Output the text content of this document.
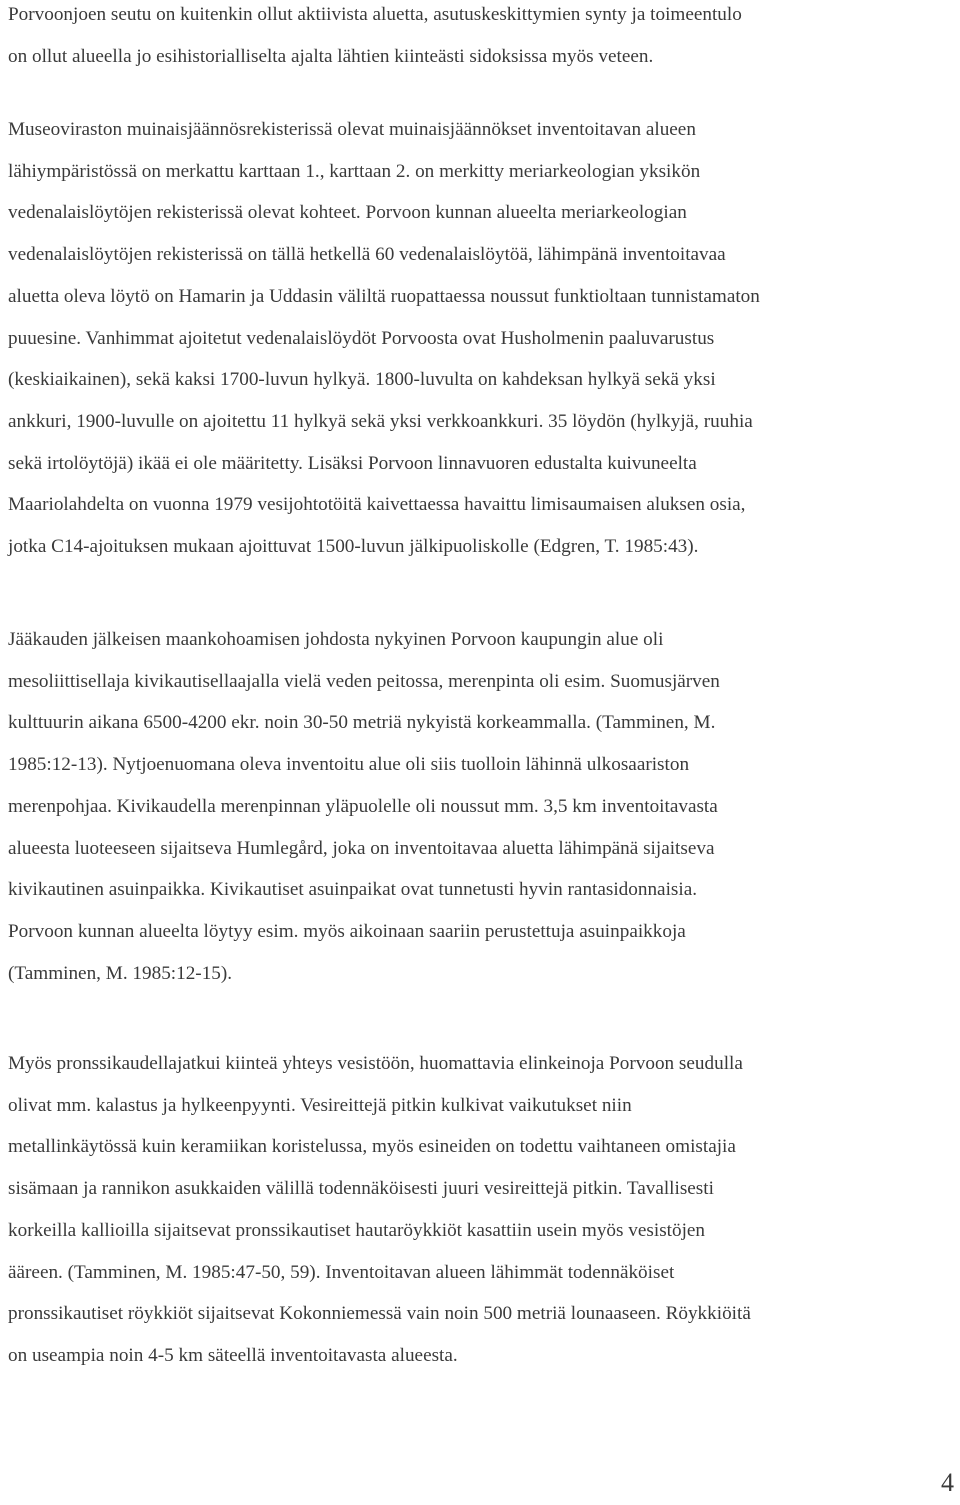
Porvoonjoen seutu on kuitenkin ollut aktiivista aluetta, asutuskeskittymien synty ja toimeentulo
on ollut alueella jo esihistorialliselta ajalta lähtien kiinteästi sidoksissa myös veteen.
Museoviraston muinaisjäännösrekisterissä olevat muinaisjäännökset inventoitavan alueen
lähiympäristössä on merkattu karttaan 1., karttaan 2. on merkitty meriarkeologian yksikön
vedenalaislöytöjen rekisterissä olevat kohteet. Porvoon kunnan alueelta meriarkeologian
vedenalaislöytöjen rekisterissä on tällä hetkellä 60 vedenalaislöytöä, lähimpänä inventoitavaa
aluetta oleva löytö on Hamarin ja Uddasin väliltä ruopattaessa noussut funktioltaan tunnistamaton
puuesine. Vanhimmat ajoitetut vedenalaislöydöt Porvoosta ovat Husholmenin paaluvarustus
(keskiaikainen), sekä kaksi 1700-luvun hylkyä. 1800-luvulta on kahdeksan hylkyä sekä yksi
ankkuri, 1900-luvulle on ajoitettu 11 hylkyä sekä yksi verkkoankkuri. 35 löydön (hylkyjä, ruuhia
sekä irtolöytöjä) ikää ei ole määritetty. Lisäksi Porvoon linnavuoren edustalta kuivuneelta
Maariolahdelta on vuonna 1979 vesijohtotöitä kaivettaessa havaittu limisaumaisen aluksen osia,
jotka C14-ajoituksen mukaan ajoittuvat 1500-luvun jälkipuoliskolle (Edgren, T. 1985:43).
Jääkauden jälkeisen maankohoamisen johdosta nykyinen Porvoon kaupungin alue oli
mesoliittisellaja kivikautisellaajalla vielä veden peitossa, merenpinta oli esim. Suomusjärven
kulttuurin aikana 6500-4200 ekr. noin 30-50 metriä nykyistä korkeammalla. (Tamminen, M.
1985:12-13). Nytjoenuomana oleva inventoitu alue oli siis tuolloin lähinnä ulkosaariston
merenpohjaa. Kivikaudella merenpinnan yläpuolelle oli noussut mm. 3,5 km inventoitavasta
alueesta luoteeseen sijaitseva Humlegård, joka on inventoitavaa aluetta lähimpänä sijaitseva
kivikautinen asuinpaikka. Kivikautiset asuinpaikat ovat tunnetusti hyvin rantasidonnaisia.
Porvoon kunnan alueelta löytyy esim. myös aikoinaan saariin perustettuja asuinpaikkoja
(Tamminen, M. 1985:12-15).
Myös pronssikaudellajatkui kiinteä yhteys vesistöön, huomattavia elinkeinoja Porvoon seudulla
olivat mm. kalastus ja hylkeenpyynti. Vesireittejä pitkin kulkivat vaikutukset niin
metallinkäytössä kuin keramiikan koristelussa, myös esineiden on todettu vaihtaneen omistajia
sisämaan ja rannikon asukkaiden välillä todennäköisesti juuri vesireittejä pitkin. Tavallisesti
korkeilla kallioilla sijaitsevat pronssikautiset hautaröykkiöt kasattiin usein myös vesistöjen
ääreen. (Tamminen, M. 1985:47-50, 59). Inventoitavan alueen lähimmät todennäköiset
pronssikautiset röykkiöt sijaitsevat Kokonniemessä vain noin 500 metriä lounaaseen. Röykkiöitä
on useampia noin 4-5 km säteellä inventoitavasta alueesta.
4
